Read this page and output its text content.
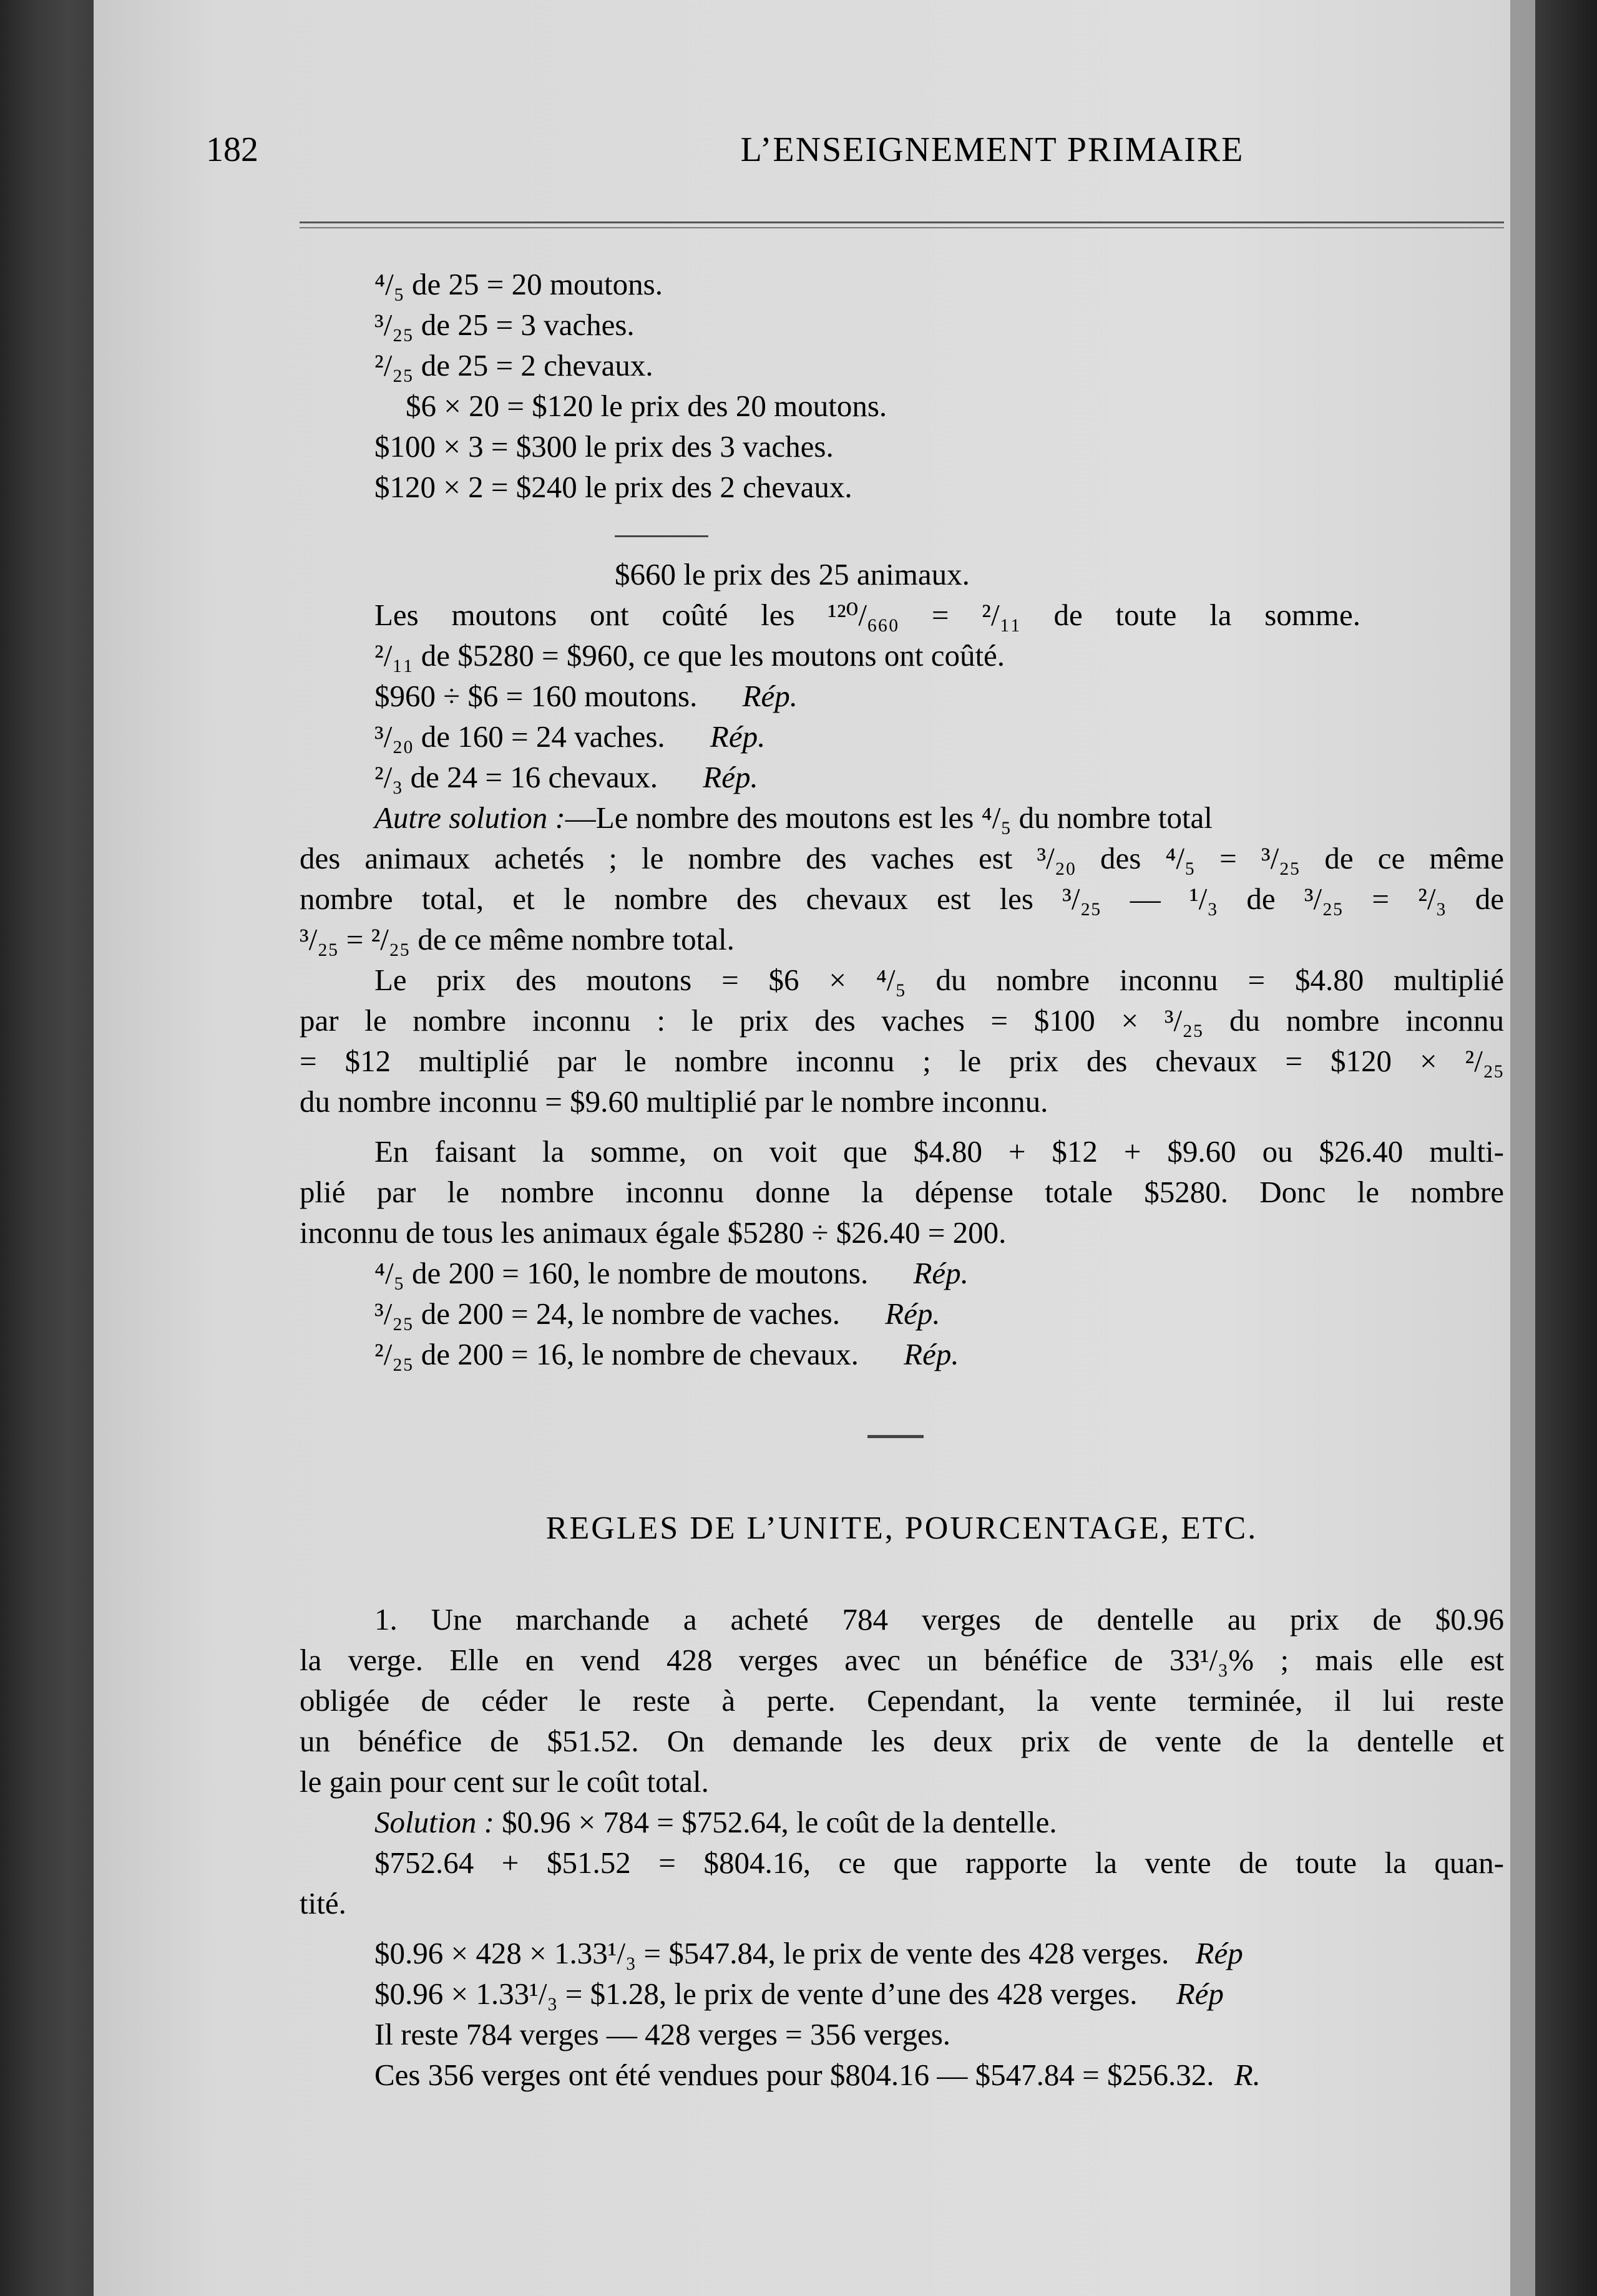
182	L’ENSEIGNEMENT PRIMAIRE
⁴/₅ de 25 = 20 moutons.
³/₂₅ de 25 = 3 vaches.
²/₂₅ de 25 = 2 chevaux.
$6 × 20 = $120 le prix des 20 moutons.
$100 × 3 = $300 le prix des 3 vaches.
$120 × 2 = $240 le prix des 2 chevaux.
$660 le prix des 25 animaux.
Les moutons ont coûté les ¹²⁰/₆₆₀ = ²/₁₁ de toute la somme.
²/₁₁ de $5280 = $960, ce que les moutons ont coûté.
$960 ÷ $6 = 160 moutons. Rép.
³/₂₀ de 160 = 24 vaches. Rép.
²/₃ de 24 = 16 chevaux. Rép.
Autre solution :—Le nombre des moutons est les ⁴/₅ du nombre total
des animaux achetés ; le nombre des vaches est ³/₂₀ des ⁴/₅ = ³/₂₅ de ce même
nombre total, et le nombre des chevaux est les ³/₂₅ — ¹/₃ de ³/₂₅ = ²/₃ de
³/₂₅ = ²/₂₅ de ce même nombre total.
Le prix des moutons = $6 × ⁴/₅ du nombre inconnu = $4.80 multiplié
par le nombre inconnu : le prix des vaches = $100 × ³/₂₅ du nombre inconnu
= $12 multiplié par le nombre inconnu ; le prix des chevaux = $120 × ²/₂₅
du nombre inconnu = $9.60 multiplié par le nombre inconnu.
En faisant la somme, on voit que $4.80 + $12 + $9.60 ou $26.40 multi-
plié par le nombre inconnu donne la dépense totale $5280. Donc le nombre
inconnu de tous les animaux égale $5280 ÷ $26.40 = 200.
⁴/₅ de 200 = 160, le nombre de moutons. Rép.
³/₂₅ de 200 = 24, le nombre de vaches. Rép.
²/₂₅ de 200 = 16, le nombre de chevaux. Rép.
REGLES DE L’UNITE, POURCENTAGE, ETC.
1. Une marchande a acheté 784 verges de dentelle au prix de $0.96
la verge. Elle en vend 428 verges avec un bénéfice de 33¹/₃% ; mais elle est
obligée de céder le reste à perte. Cependant, la vente terminée, il lui reste
un bénéfice de $51.52. On demande les deux prix de vente de la dentelle et
le gain pour cent sur le coût total.
Solution : $0.96 × 784 = $752.64, le coût de la dentelle.
$752.64 + $51.52 = $804.16, ce que rapporte la vente de toute la quan-
tité.
$0.96 × 428 × 1.33¹/₃ = $547.84, le prix de vente des 428 verges. Rép
$0.96 × 1.33¹/₃ = $1.28, le prix de vente d’une des 428 verges. Rép
Il reste 784 verges — 428 verges = 356 verges.
Ces 356 verges ont été vendues pour $804.16 — $547.84 = $256.32. R.
